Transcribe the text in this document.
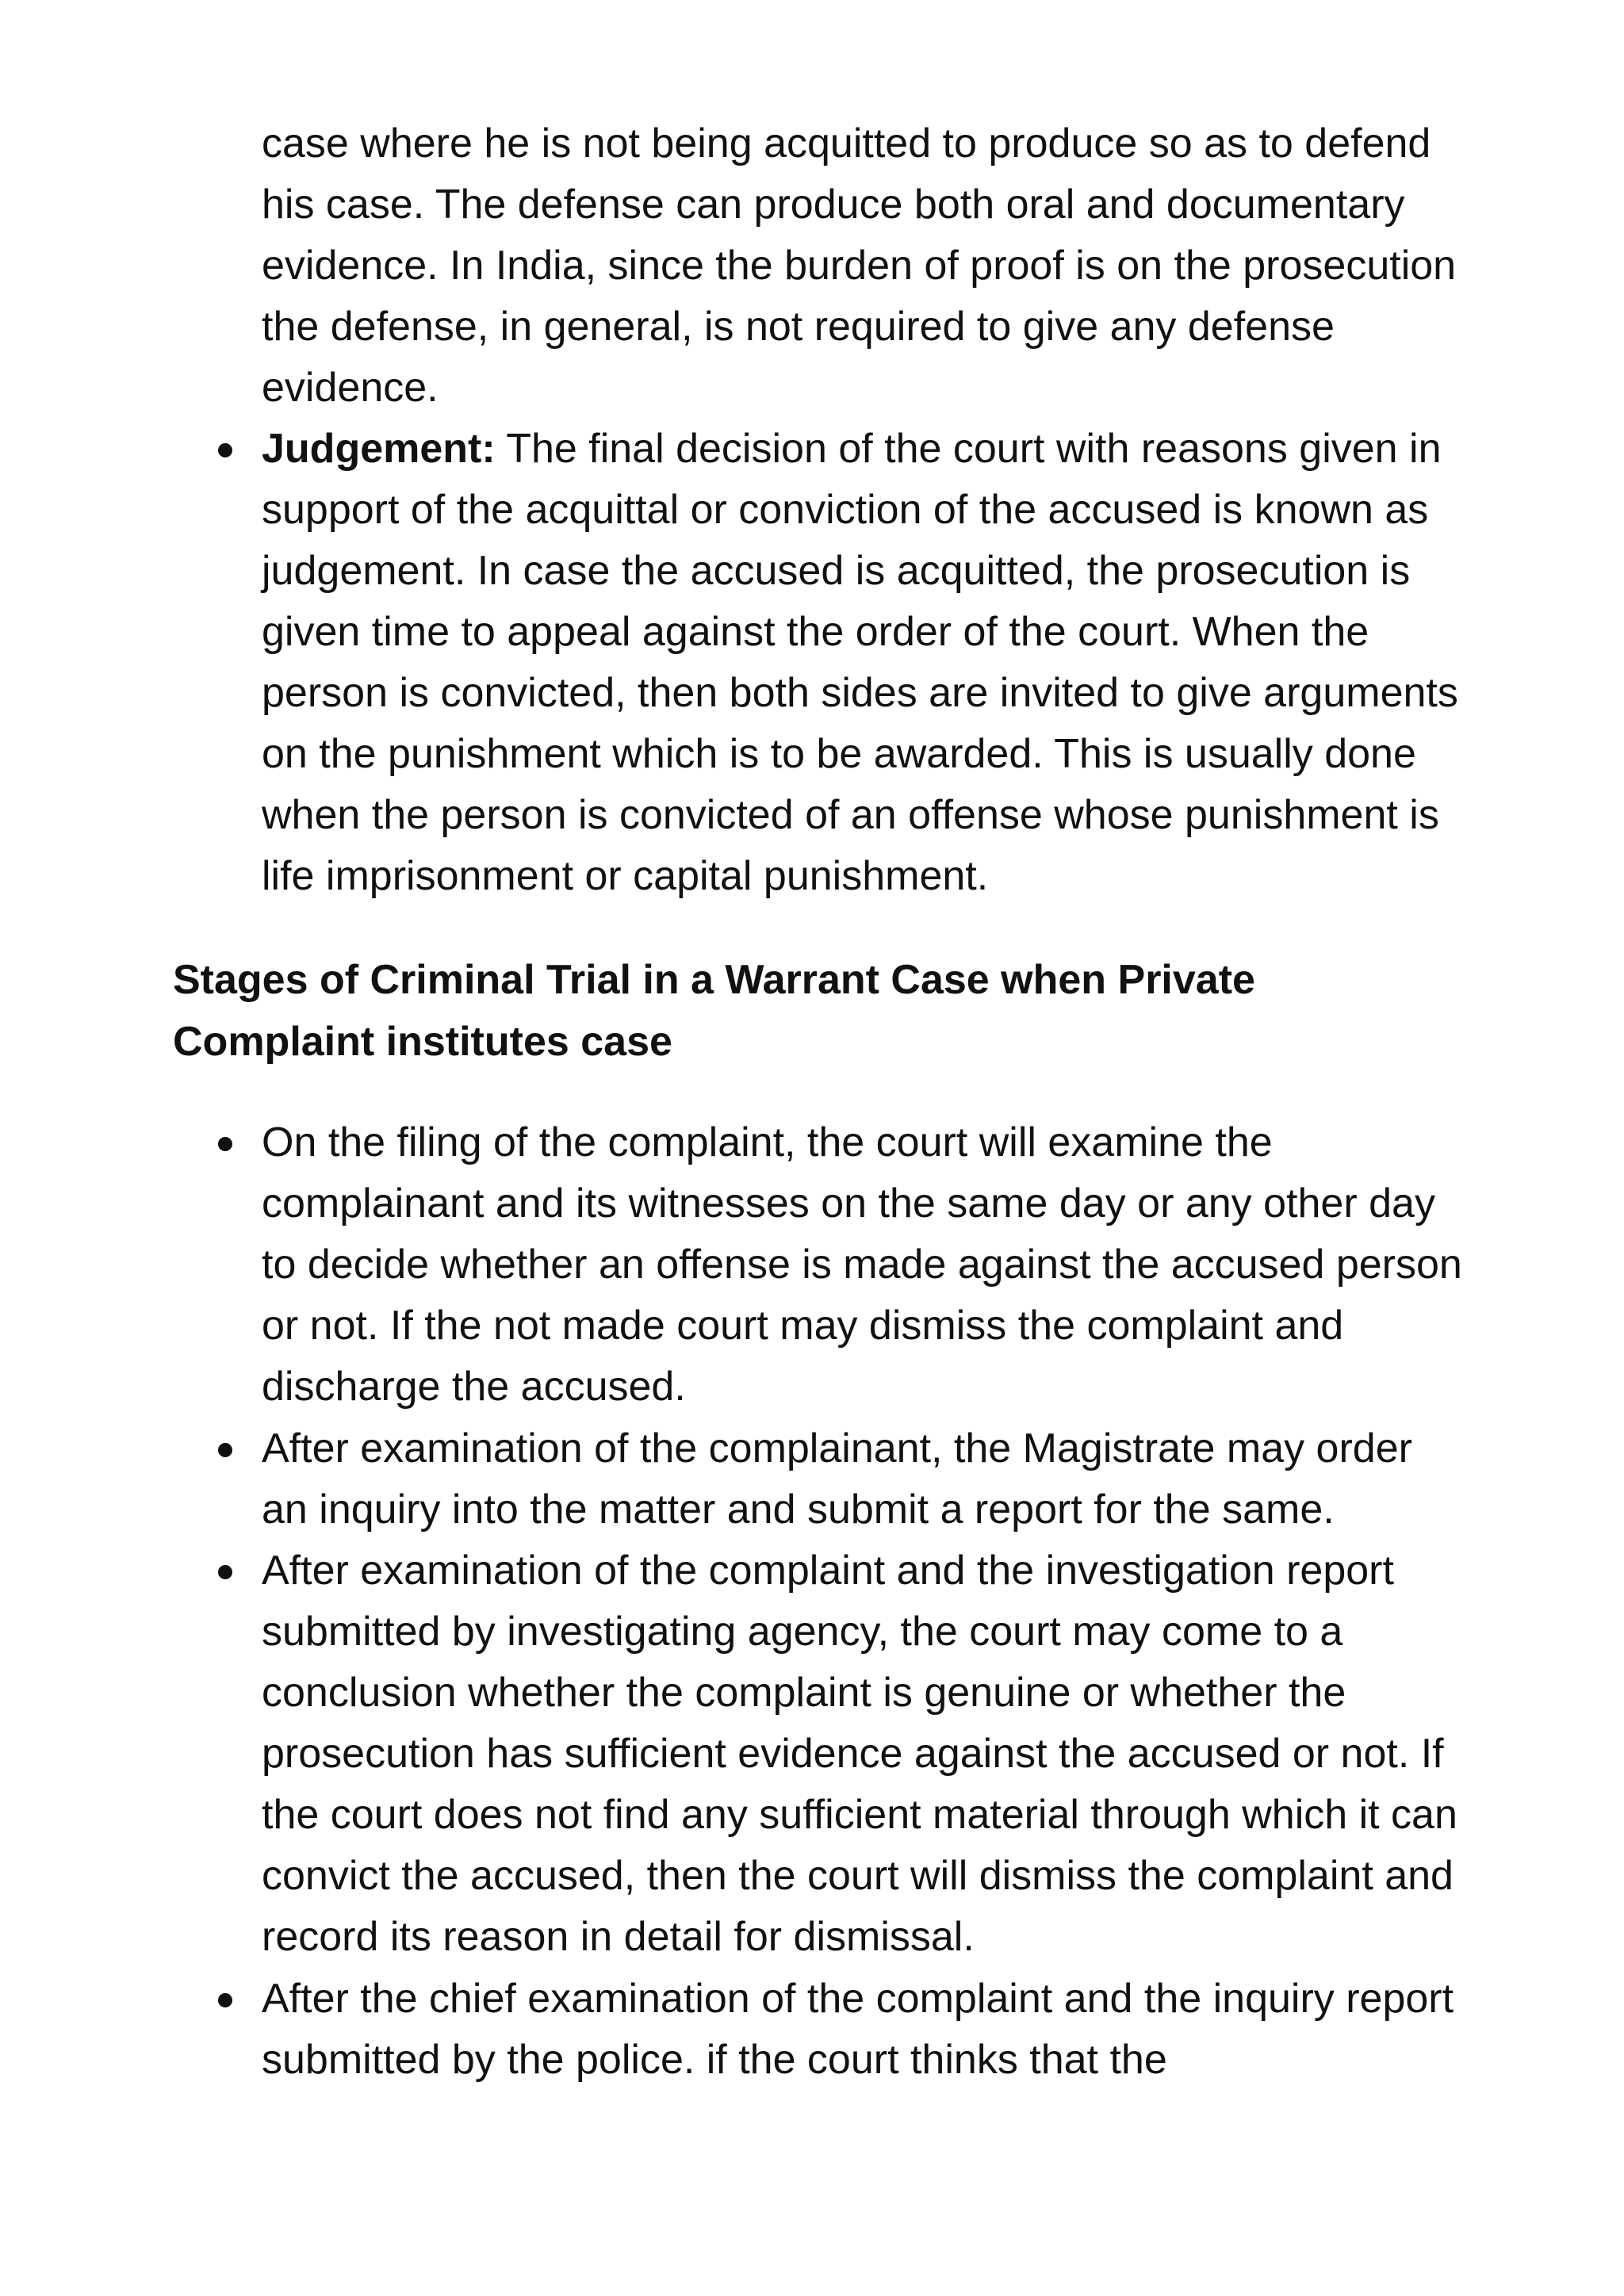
case where he is not being acquitted to produce so as to defend his case. The defense can produce both oral and documentary evidence. In India, since the burden of proof is on the prosecution the defense, in general, is not required to give any defense evidence.

Judgement: The final decision of the court with reasons given in support of the acquittal or conviction of the accused is known as judgement. In case the accused is acquitted, the prosecution is given time to appeal against the order of the court. When the person is convicted, then both sides are invited to give arguments on the punishment which is to be awarded. This is usually done when the person is convicted of an offense whose punishment is life imprisonment or capital punishment.
Stages of Criminal Trial in a Warrant Case when Private Complaint institutes case
On the filing of the complaint, the court will examine the complainant and its witnesses on the same day or any other day to decide whether an offense is made against the accused person or not. If the not made court may dismiss the complaint and discharge the accused.
After examination of the complainant, the Magistrate may order an inquiry into the matter and submit a report for the same.
After examination of the complaint and the investigation report submitted by investigating agency, the court may come to a conclusion whether the complaint is genuine or whether the prosecution has sufficient evidence against the accused or not. If the court does not find any sufficient material through which it can convict the accused, then the court will dismiss the complaint and record its reason in detail for dismissal.
After the chief examination of the complaint and the inquiry report submitted by the police. if the court thinks that the
